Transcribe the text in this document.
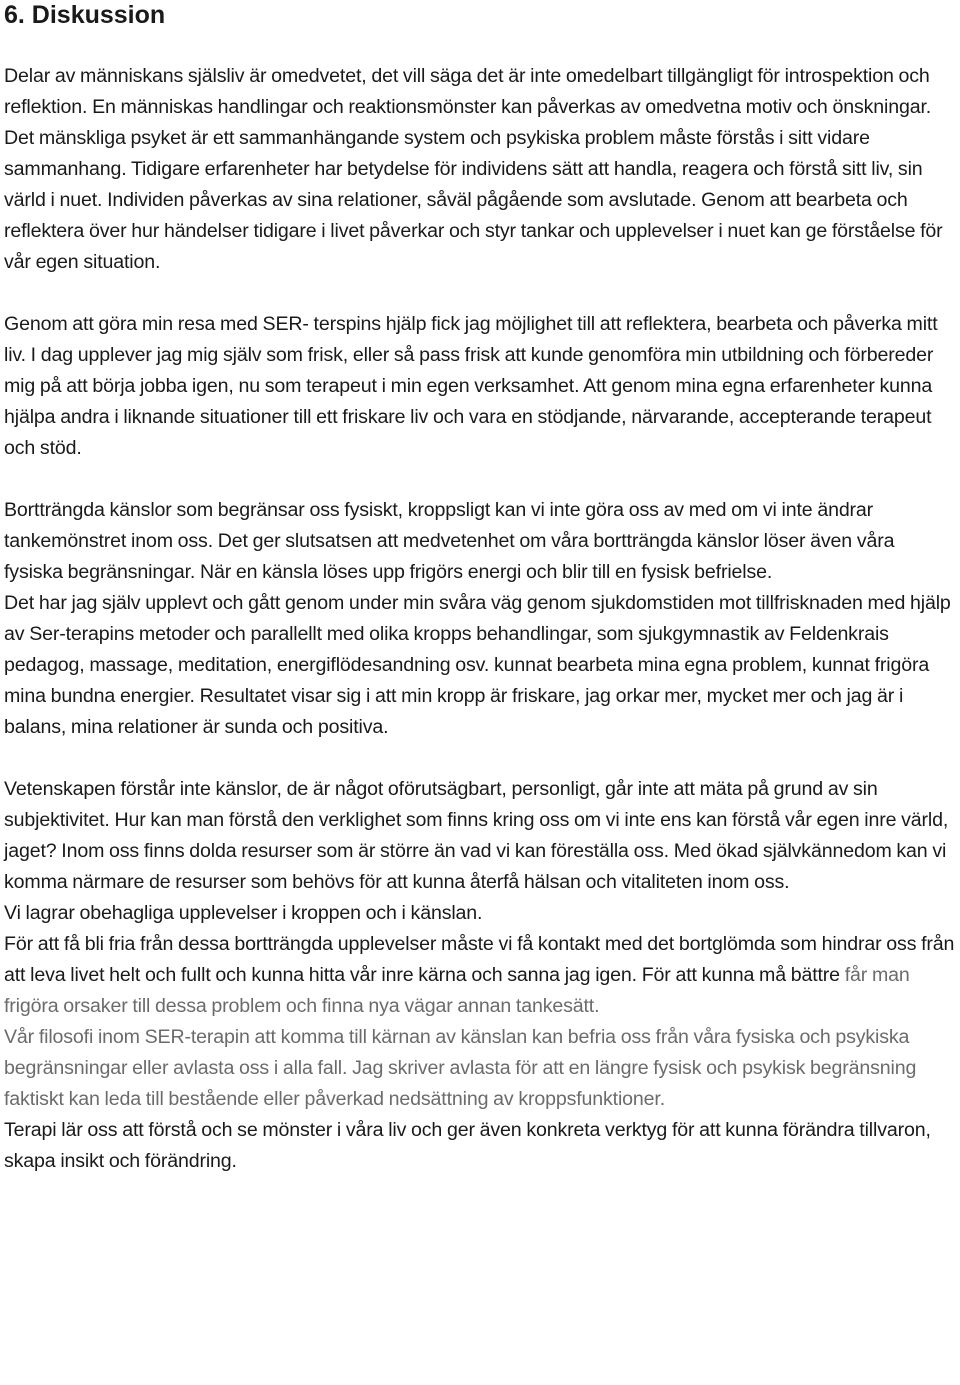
6. Diskussion

Delar av människans själsliv är omedvetet, det vill säga det är inte omedelbart tillgängligt för introspektion och reflektion. En människas handlingar och reaktionsmönster kan påverkas av omedvetna motiv och önskningar. Det mänskliga psyket är ett sammanhängande system och psykiska problem måste förstås i sitt vidare sammanhang. Tidigare erfarenheter har betydelse för individens sätt att handla, reagera och förstå sitt liv, sin värld i nuet. Individen påverkas av sina relationer, såväl pågående som avslutade. Genom att bearbeta och reflektera över hur händelser tidigare i livet påverkar och styr tankar och upplevelser i nuet kan ge förståelse för vår egen situation.

Genom att göra min resa med SER- terspins hjälp fick jag möjlighet till att reflektera, bearbeta och påverka mitt liv. I dag upplever jag mig själv som frisk, eller så pass frisk att kunde genomföra min utbildning och förbereder mig på att börja jobba igen, nu som terapeut i min egen verksamhet. Att genom mina egna erfarenheter kunna hjälpa andra i liknande situationer till ett friskare liv och vara en stödjande, närvarande, accepterande terapeut och stöd.

Bortträngda känslor som begränsar oss fysiskt, kroppsligt kan vi inte göra oss av med om vi inte ändrar tankemönstret inom oss. Det ger slutsatsen att medvetenhet om våra bortträngda känslor löser även våra fysiska begränsningar. När en känsla löses upp frigörs energi och blir till en fysisk befrielse.

Det har jag själv upplevt och gått genom under min svåra väg genom sjukdomstiden mot tillfrisknaden med hjälp av Ser-terapins metoder och parallellt med olika kropps behandlingar, som sjukgymnastik av Feldenkrais pedagog, massage, meditation, energiflödesandning osv. kunnat bearbeta mina egna problem, kunnat frigöra mina bundna energier. Resultatet visar sig i att min kropp är friskare, jag orkar mer, mycket mer och jag är i balans, mina relationer är sunda och positiva.

Vetenskapen förstår inte känslor, de är något oförutsägbart, personligt, går inte att mäta på grund av sin subjektivitet. Hur kan man förstå den verklighet som finns kring oss om vi inte ens kan förstå vår egen inre värld, jaget? Inom oss finns dolda resurser som är större än vad vi kan föreställa oss. Med ökad självkännedom kan vi komma närmare de resurser som behövs för att kunna återfå hälsan och vitaliteten inom oss.

Vi lagrar obehagliga upplevelser i kroppen och i känslan.

För att få bli fria från dessa bortträngda upplevelser måste vi få kontakt med det bortglömda som hindrar oss från att leva livet helt och fullt och kunna hitta vår inre kärna och sanna jag igen. För att kunna må bättre får man frigöra orsaker till dessa problem och finna nya vägar annan tankesätt.

Vår filosofi inom SER-terapin att komma till kärnan av känslan kan befria oss från våra fysiska och psykiska begränsningar eller avlasta oss i alla fall. Jag skriver avlasta för att en längre fysisk och psykisk begränsning faktiskt kan leda till bestående eller påverkad nedsättning av kroppsfunktioner.

Terapi lär oss att förstå och se mönster i våra liv och ger även konkreta verktyg för att kunna förändra tillvaron, skapa insikt och förändring.
